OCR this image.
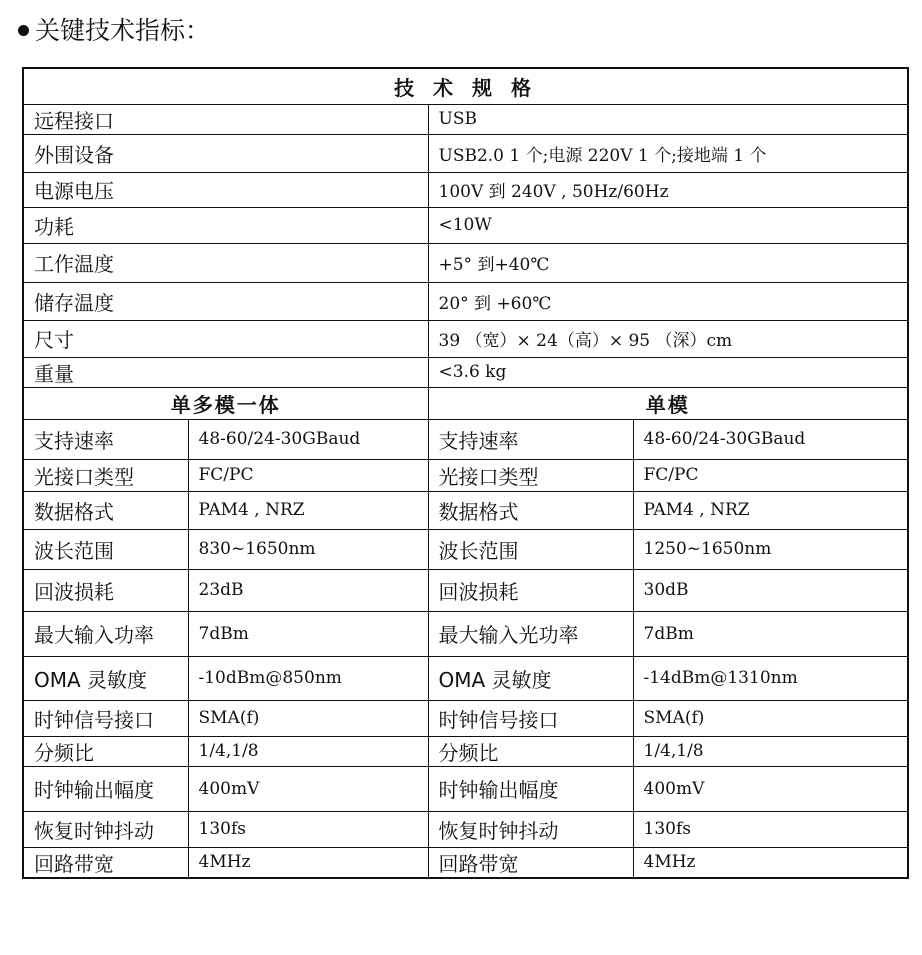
关键技术指标：
技 术 规 格			
远程接口		USB	
外围设备		USB2.0 1 个;电源 220V 1 个;接地端 1 个	
电源电压		100V 到 240V , 50Hz/60Hz	
功耗		<10W	
工作温度		+5° 到+40℃	
储存温度		20° 到 +60℃	
尺寸		39 （宽）× 24（高）× 95 （深）cm	
重量		<3.6 kg	
单多模一体		单模	
支持速率	48-60/24-30GBaud	支持速率	48-60/24-30GBaud
光接口类型	FC/PC	光接口类型	FC/PC
数据格式	PAM4 , NRZ	数据格式	PAM4 , NRZ
波长范围	830~1650nm	波长范围	1250~1650nm
回波损耗	23dB	回波损耗	30dB
最大输入功率	7dBm	最大输入光功率	7dBm
OMA 灵敏度	-10dBm@850nm	OMA 灵敏度	-14dBm@1310nm
时钟信号接口	SMA(f)	时钟信号接口	SMA(f)
分频比	1/4,1/8	分频比	1/4,1/8
时钟输出幅度	400mV	时钟输出幅度	400mV
恢复时钟抖动	130fs	恢复时钟抖动	130fs
回路带宽	4MHz	回路带宽	4MHz
